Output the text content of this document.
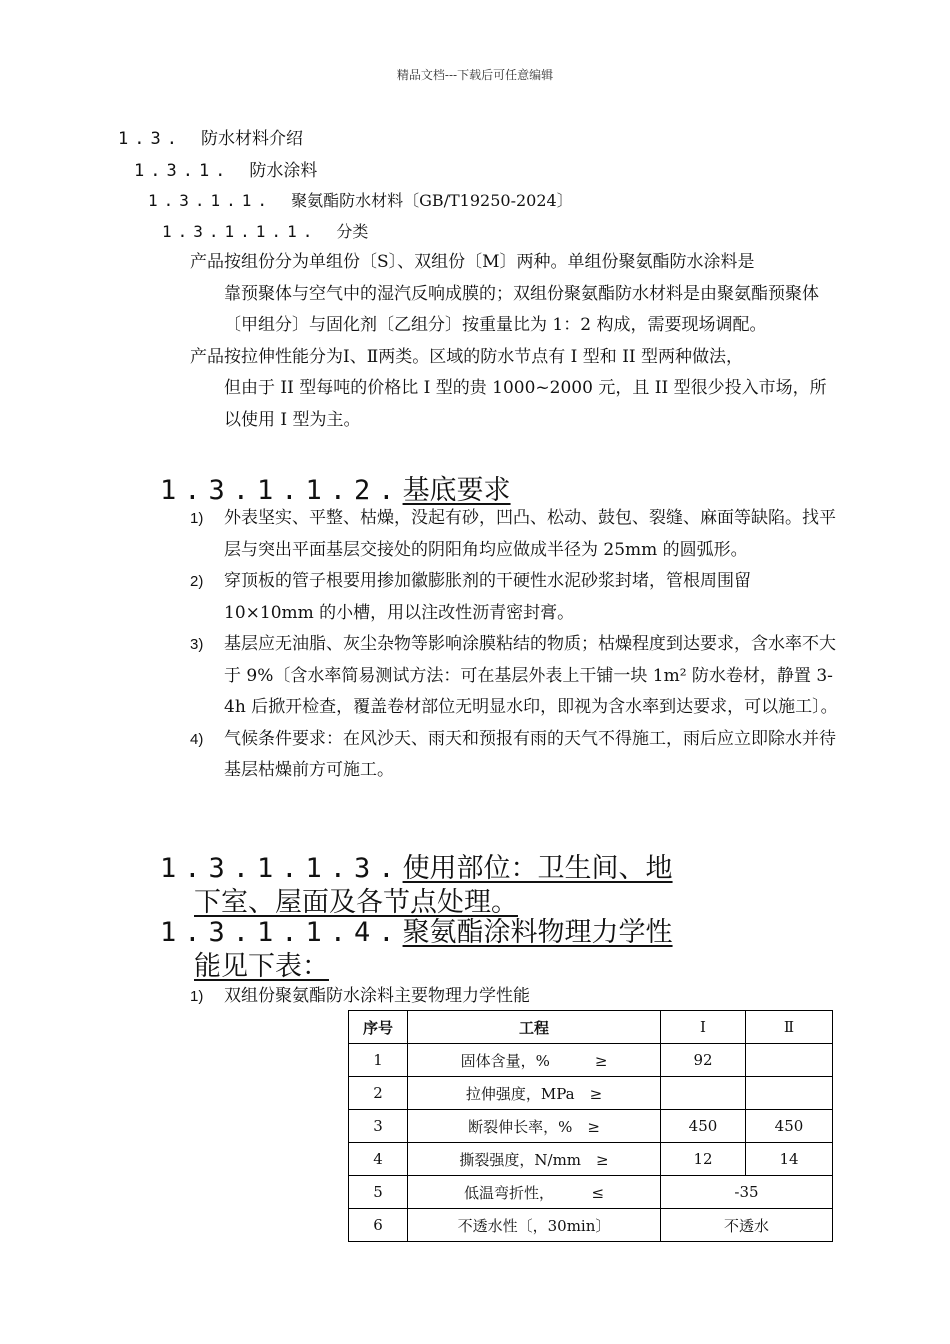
精品文档---下载后可任意编辑
1.3. 防水材料介绍
1.3.1. 防水涂料
1.3.1.1. 聚氨酯防水材料〔GB/T19250-2024〕
1.3.1.1.1. 分类
产品按组份分为单组份〔S〕、双组份〔M〕两种。单组份聚氨酯防水涂料是
靠预聚体与空气中的湿汽反响成膜的；双组份聚氨酯防水材料是由聚氨酯预聚体〔甲组分〕与固化剂〔乙组分〕按重量比为 1：2 构成，需要现场调配。
产品按拉伸性能分为Ⅰ、Ⅱ两类。区域的防水节点有 I 型和 II 型两种做法，
但由于 II 型每吨的价格比 I 型的贵 1000~2000 元，且 II 型很少投入市场，所以使用 I 型为主。
1.3.1.1.2.基底要求
1)	外表坚实、平整、枯燥，没起有砂，凹凸、松动、鼓包、裂缝、麻面等缺陷。找平层与突出平面基层交接处的阴阳角均应做成半径为 25mm 的圆弧形。
2)	穿顶板的管子根要用掺加徽膨胀剂的干硬性水泥砂浆封堵，管根周围留 10×10mm 的小槽，用以注改性沥青密封膏。
3)	基层应无油脂、灰尘杂物等影响涂膜粘结的物质；枯燥程度到达要求，含水率不大于 9%〔含水率简易测试方法：可在基层外表上干铺一块 1m² 防水卷材，静置 3-4h 后掀开检查，覆盖卷材部位无明显水印，即视为含水率到达要求，可以施工〕。
4)	气候条件要求：在风沙天、雨天和预报有雨的天气不得施工，雨后应立即除水并待基层枯燥前方可施工。
1.3.1.1.3.使用部位：卫生间、地
下室、屋面及各节点处理。
1.3.1.1.4.聚氨酯涂料物理力学性
能见下表：
1)	双组份聚氨酯防水涂料主要物理力学性能
序号	工程	Ⅰ	Ⅱ
1	固体含量，%　　　≥	92	
2	拉伸强度，MPa　≥		
3	断裂伸长率，%　≥	450	450
4	撕裂强度，N/mm　≥	12	14
5	低温弯折性，　　　≤	-35	
6	不透水性〔，30min〕	不透水	
